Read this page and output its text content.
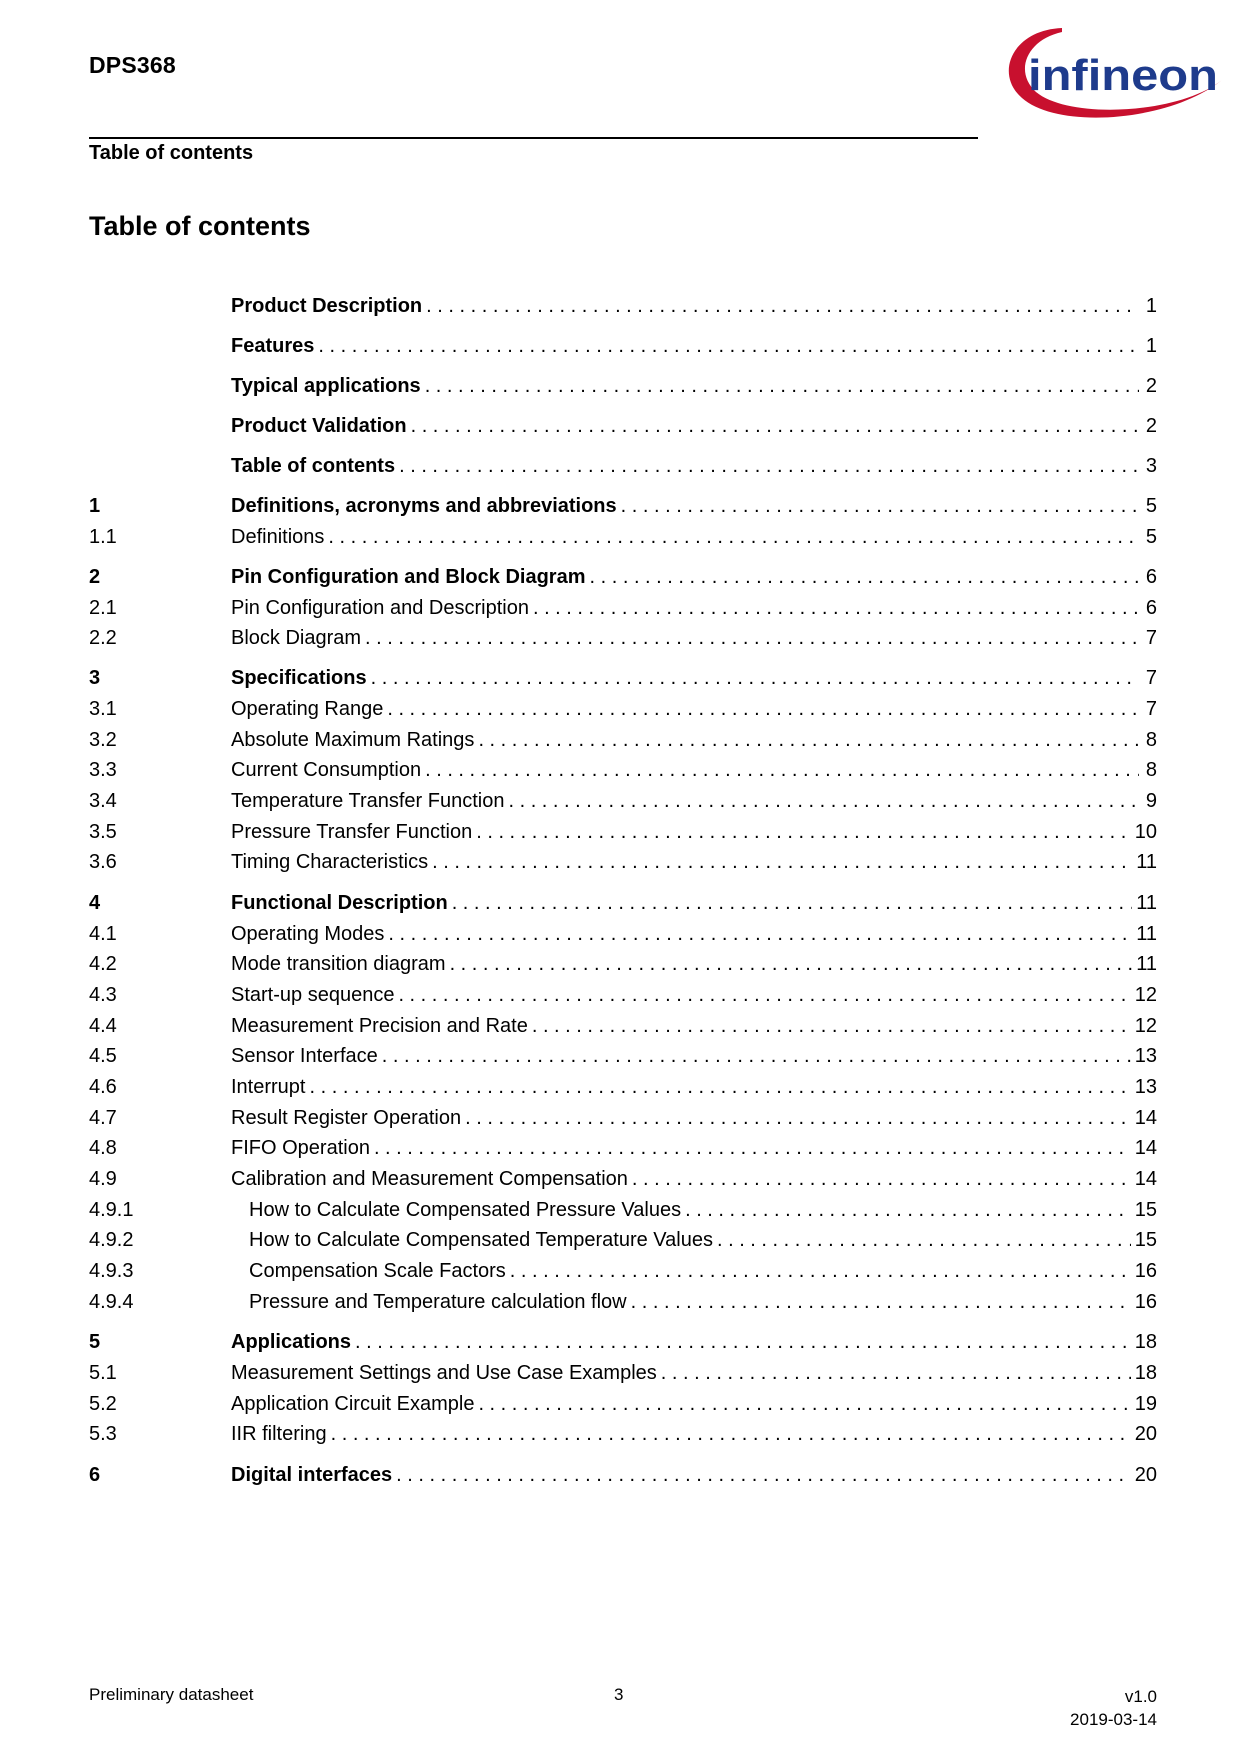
DPS368	infineon
Table of contents
Table of contents
Product Description . . .	1
Features . . .	1
Typical applications . . .	2
Product Validation . . .	2
Table of contents . . .	3
1	Definitions, acronyms and abbreviations . . .	5
1.1	Definitions . . .	5
2	Pin Configuration and Block Diagram . . .	6
2.1	Pin Configuration and Description . . .	6
2.2	Block Diagram . . .	7
3	Specifications . . .	7
3.1	Operating Range . . .	7
3.2	Absolute Maximum Ratings . . .	8
3.3	Current Consumption . . .	8
3.4	Temperature Transfer Function . . .	9
3.5	Pressure Transfer Function . . .	10
3.6	Timing Characteristics . . .	11
4	Functional Description . . .	11
4.1	Operating Modes . . .	11
4.2	Mode transition diagram . . .	11
4.3	Start-up sequence . . .	12
4.4	Measurement Precision and Rate . . .	12
4.5	Sensor Interface . . .	13
4.6	Interrupt . . .	13
4.7	Result Register Operation . . .	14
4.8	FIFO Operation . . .	14
4.9	Calibration and Measurement Compensation . . .	14
4.9.1	How to Calculate Compensated Pressure Values . . .	15
4.9.2	How to Calculate Compensated Temperature Values . . .	15
4.9.3	Compensation Scale Factors . . .	16
4.9.4	Pressure and Temperature calculation flow . . .	16
5	Applications . . .	18
5.1	Measurement Settings and Use Case Examples . . .	18
5.2	Application Circuit Example . . .	19
5.3	IIR filtering . . .	20
6	Digital interfaces . . .	20
Preliminary datasheet	3	v1.0
2019-03-14
